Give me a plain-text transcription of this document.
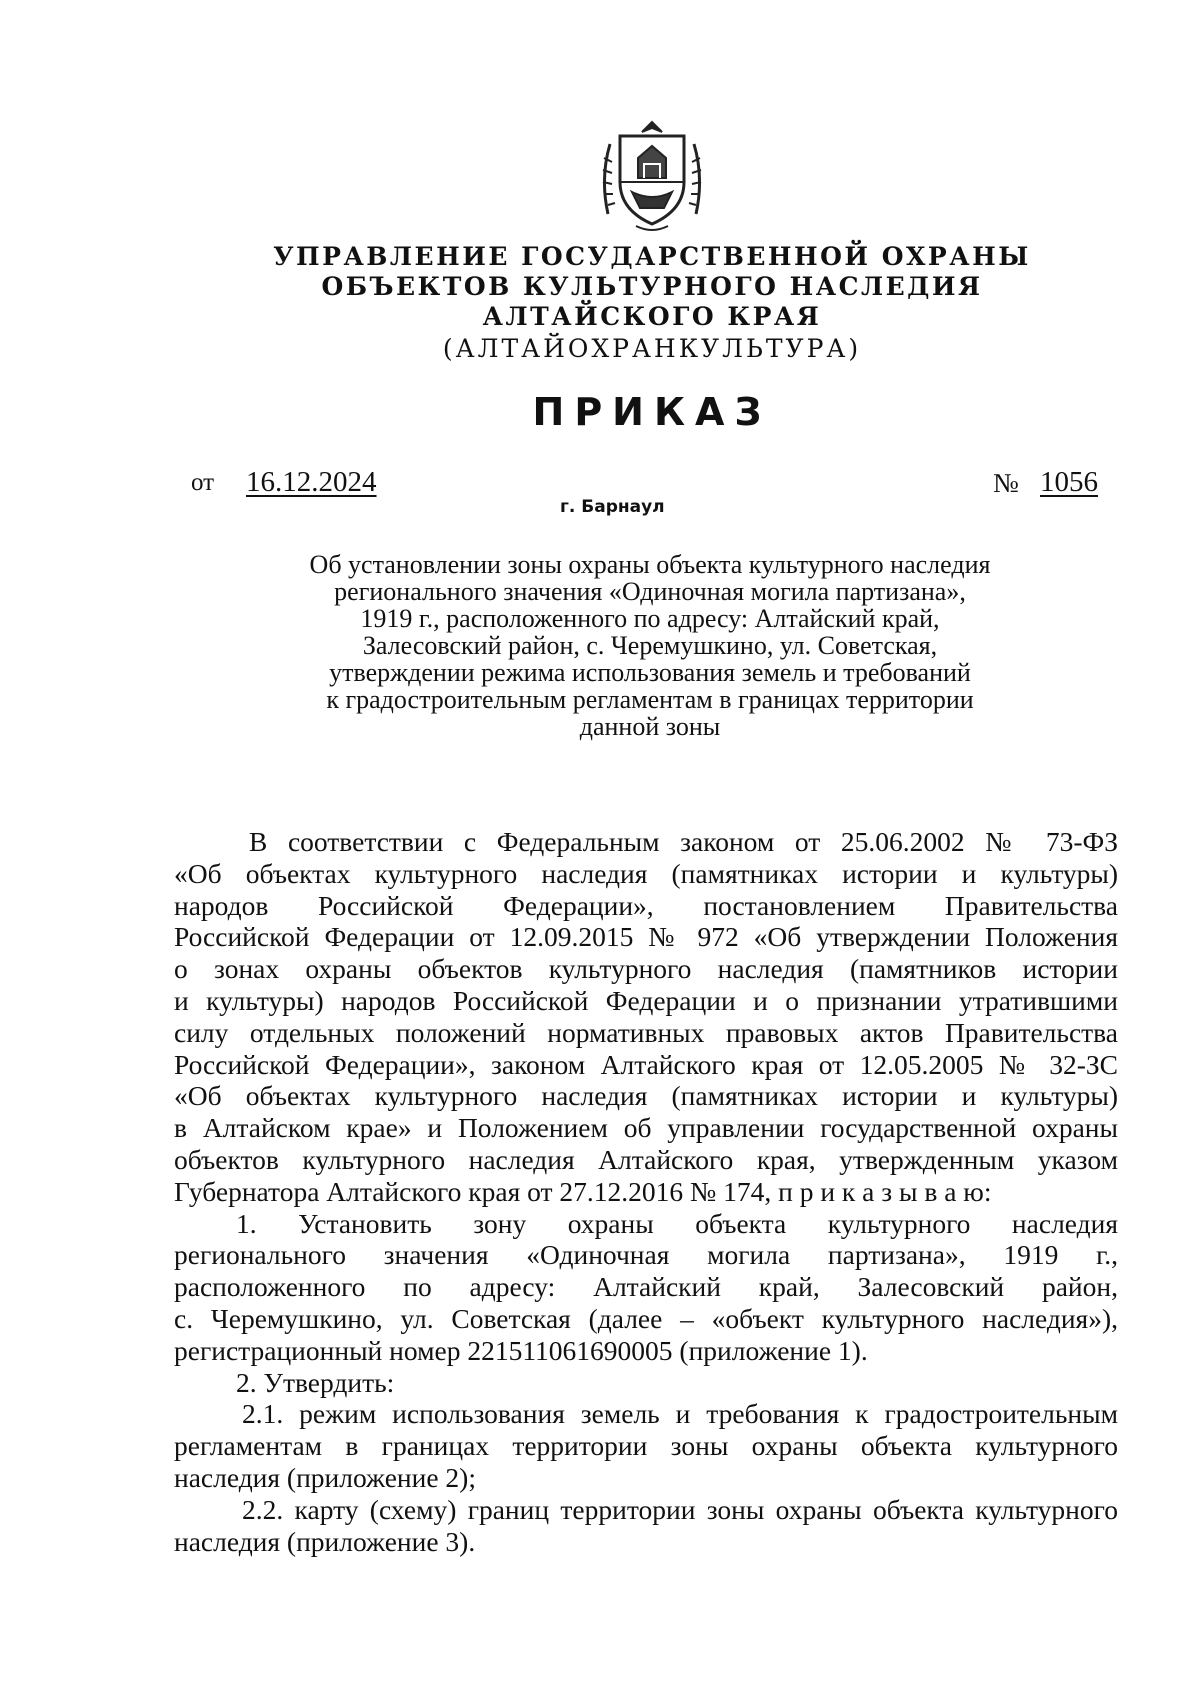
УПРАВЛЕНИЕ ГОСУДАРСТВЕННОЙ ОХРАНЫ
ОБЪЕКТОВ КУЛЬТУРНОГО НАСЛЕДИЯ
АЛТАЙСКОГО КРАЯ
(АЛТАЙОХРАНКУЛЬТУРА)
ПРИКАЗ
от 16.12.2024	№ 1056
г. Барнаул
Об установлении зоны охраны объекта культурного наследия
регионального значения «Одиночная могила партизана»,
1919 г., расположенного по адресу: Алтайский край,
Залесовский район, с. Черемушкино, ул. Советская,
утверждении режима использования земель и требований
к градостроительным регламентам в границах территории
данной зоны
В соответствии с Федеральным законом от 25.06.2002 № 73-ФЗ
«Об объектах культурного наследия (памятниках истории и культуры)
народов Российской Федерации», постановлением Правительства
Российской Федерации от 12.09.2015 № 972 «Об утверждении Положения
о зонах охраны объектов культурного наследия (памятников истории
и культуры) народов Российской Федерации и о признании утратившими
силу отдельных положений нормативных правовых актов Правительства
Российской Федерации», законом Алтайского края от 12.05.2005 № 32-ЗС
«Об объектах культурного наследия (памятниках истории и культуры)
в Алтайском крае» и Положением об управлении государственной охраны
объектов культурного наследия Алтайского края, утвержденным указом
Губернатора Алтайского края от 27.12.2016 № 174, п р и к а з ы в а ю:
1. Установить зону охраны объекта культурного наследия
регионального значения «Одиночная могила партизана», 1919 г.,
расположенного по адресу: Алтайский край, Залесовский район,
с. Черемушкино, ул. Советская (далее – «объект культурного наследия»),
регистрационный номер 221511061690005 (приложение 1).
2. Утвердить:
2.1. режим использования земель и требования к градостроительным
регламентам в границах территории зоны охраны объекта культурного
наследия (приложение 2);
2.2. карту (схему) границ территории зоны охраны объекта культурного
наследия (приложение 3).
